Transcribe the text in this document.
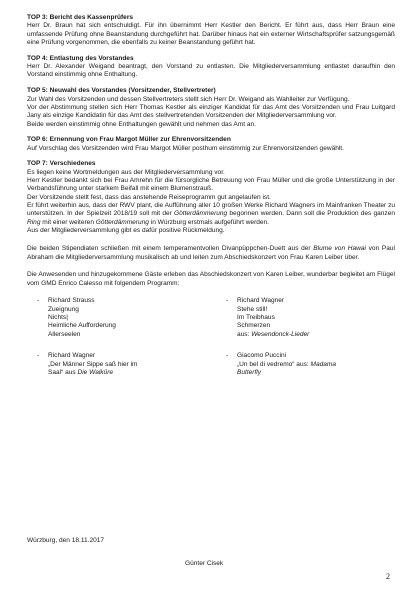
TOP 3: Bericht des Kassenprüfers
Herr Dr. Braun hat sich entschuldigt. Für ihn übernimmt Herr Kestler den Bericht. Er führt aus, dass Herr Braun eine umfassende Prüfung ohne Beanstandung durchgeführt hat. Darüber hinaus hat ein externer Wirtschaftsprüfer satzungsgemäß eine Prüfung vorgenommen, die ebenfalls zu keiner Beanstandung geführt hat.
TOP 4: Entlastung des Vorstandes
Herr Dr. Alexander Weigand beantragt, den Vorstand zu entlasten. Die Mitgliederversammlung entlastet daraufhin den Vorstand einstimmig ohne Enthaltung.
TOP 5: Neuwahl des Vorstandes (Vorsitzender, Stellvertreter)
Zur Wahl des Vorsitzenden und dessen Stellvertreters stellt sich Herr Dr. Weigand als Wahlleiter zur Verfügung.
Vor der Abstimmung stellen sich Herr Thomas Kestler als einziger Kandidat für das Amt des Vorsitzenden und Frau Luitgard Jany als einzige Kandidatin für das Amt des stellvertretenden Vorsitzenden der Mitgliederversammlung vor.
Beide werden einstimmig ohne Enthaltungen gewählt und nehmen das Amt an.
TOP 6: Ernennung von Frau Margot Müller zur Ehrenvorsitzenden
Auf Vorschlag des Vorsitzenden wird Frau Margot Müller posthum einstimmig zur Ehrenvorsitzenden gewählt.
TOP 7: Verschiedenes
Es liegen keine Wortmeldungen aus der Mitgliederversammlung vor.
Herr Kestler bedankt sich bei Frau Amrehn für die fürsorgliche Betreuung von Frau Müller und die große Unterstützung in der Verbandsführung unter starkem Beifall mit einem Blumenstrauß.
Der Vorsitzende stellt fest, dass das anstehende Reiseprogramm gut angelaufen ist.
Er führt weiterhin aus, dass der RWV plant, die Aufführung aller 10 großen Werke Richard Wagners im Mainfranken Theater zu unterstützen. In der Spielzeit 2018/19 soll mit der Götterdämmerung begonnen werden. Dann soll die Produktion des ganzen Ring mit einer weiteren Götterdämmerung in Würzburg erstmals aufgeführt werden.
Aus der Mitgliederversammlung gibt es dafür positive Rückmeldung.
Die beiden Stipendiaten schließen mit einem temperamentvollen Divanpüppchen-Duett aus der Blume von Hawai von Paul Abraham die Mitgliederversammlung musikalisch ab und leiten zum Abschiedskonzert von Frau Karen Leiber über.
Die Anwesenden und hinzugekommene Gäste erleben das Abschiedskonzert von Karen Leiber, wunderbar begleitet am Flügel vom GMD Enrico Calesso mit folgendem Programm:
- Richard Strauss
Zueignung
Nichts|
Heimliche Aufforderung
Allerseelen
- Richard Wagner
Stehe still!
Im Treibhaus
Schmerzen
aus: Wesendonck-Lieder
- Richard Wagner
„Der Männer Sippe saß hier im
Saal“ aus Die Walküre
- Giacomo Puccini
„Un bel di vedremo“ aus: Madama
Butterfly
Würzburg, den 18.11.2017
Günter Cisek
2
